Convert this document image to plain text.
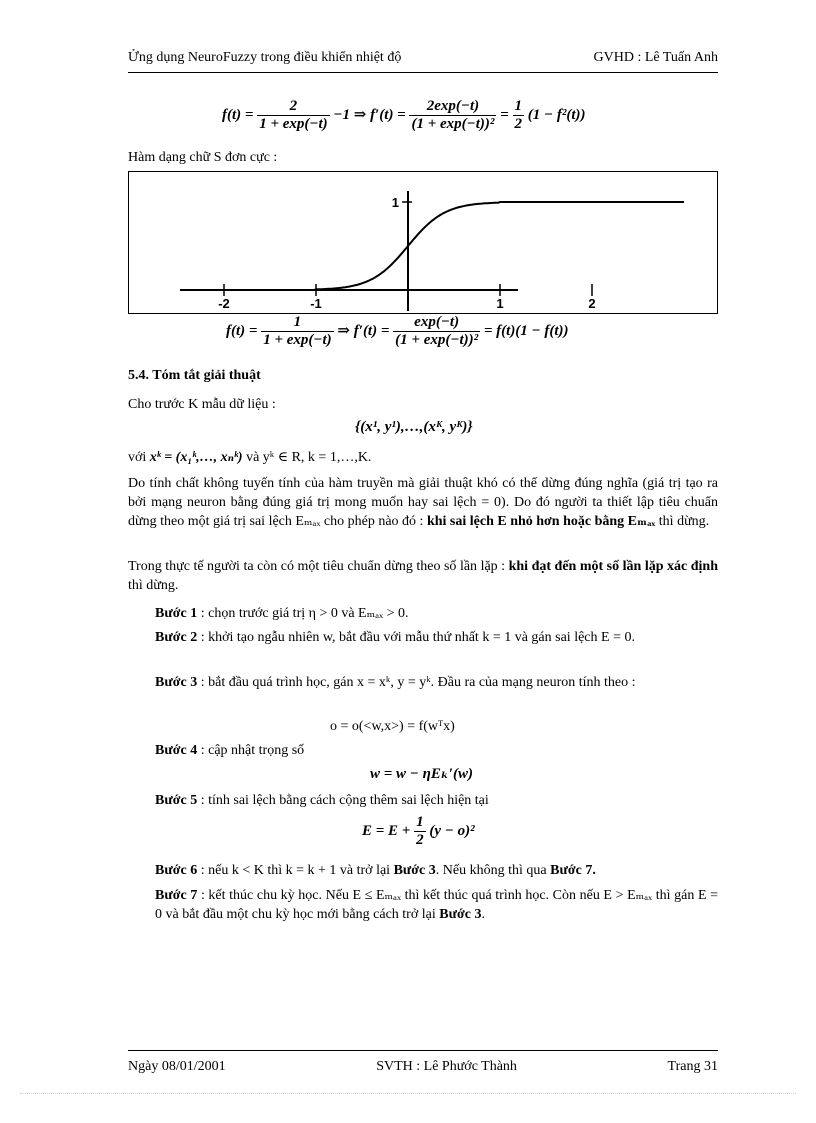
Ửng dụng NeuroFuzzy trong điều khiển nhiệt độ	GVHD : Lê Tuấn Anh
$f(t) = \frac{2}{1 + \exp(-t)} -1$ ⇒ $f'(t) = \frac{2\exp(-t)}{\text{(1 + exp(−t))²}} = \frac{1}{2} (1 - f^2(t))$
Hàm dạng chữ S đơn cực :
-2	-1	1	2
1
$f(t) = \frac{1}{1 + \exp(-t)}$ ⇒ $f'(t) = \frac{\exp(-t)}{\text{(1 + exp(−t))²}} = f(t)(1 - f(t))$
5.4. Tóm tắt giải thuật
Cho trước K mẫu dữ liệu :
{(x¹, y¹),…,(xᴷ, yᴷ)}
với xᵏ = (x₁ᵏ,…, xₙᵏ) và yᵏ ∈ R, k = 1,…,K.
Do tính chất không tuyến tính của hàm truyền mà giải thuật khó có thể dừng đúng nghĩa (giá trị tạo ra bởi mạng neuron bằng đúng giá trị mong muốn hay sai lệch = 0). Do đó người ta thiết lập tiêu chuẩn dừng theo một giá trị sai lệch Eₘₐₓ cho phép nào đó : khi sai lệch E nhỏ hơn hoặc bằng Eₘₐₓ thì dừng.
Trong thực tế người ta còn có một tiêu chuẩn dừng theo số lần lặp : khi đạt đến một số lần lặp xác định thì dừng.
Bước 1 : chọn trước giá trị η > 0 và Eₘₐₓ > 0.
Bước 2 : khởi tạo ngẫu nhiên w, bắt đầu với mẫu thứ nhất k = 1 và gán sai lệch E = 0.
Bước 3 : bắt đầu quá trình học, gán x = xᵏ, y = yᵏ. Đầu ra của mạng neuron tính theo :
o = o(<w,x>) = f(wᵀx)
Bước 4 : cập nhật trọng số
w = w − ηEₖ′(w)
Bước 5 : tính sai lệch bằng cách cộng thêm sai lệch hiện tại
$E = E + \frac{1}{2} (y - o)^2$
Bước 6 : nếu k < K thì k = k + 1 và trở lại Bước 3. Nếu không thì qua Bước 7.
Bước 7 : kết thúc chu kỳ học. Nếu E ≤ Eₘₐₓ thì kết thúc quá trình học. Còn nếu E > Eₘₐₓ thì gán E = 0 và bắt đầu một chu kỳ học mới bằng cách trở lại Bước 3.
Ngày 08/01/2001	SVTH : Lê Phước Thành	Trang 31
